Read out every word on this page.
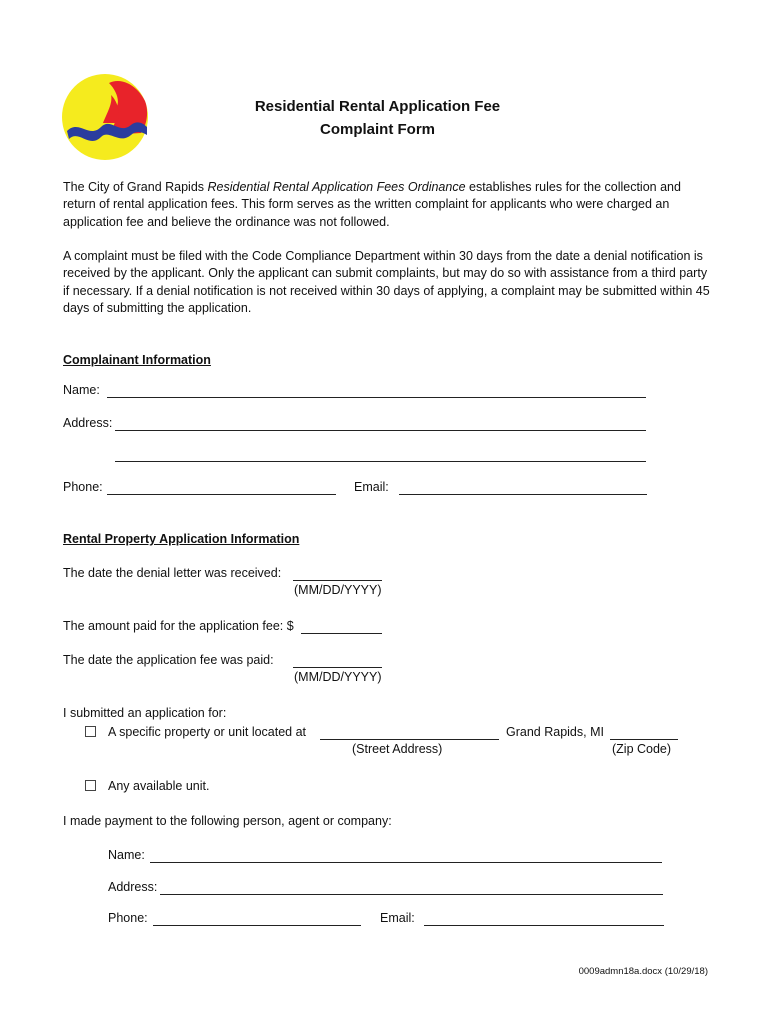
Residential Rental Application Fee
Complaint Form
The City of Grand Rapids Residential Rental Application Fees Ordinance establishes rules for the collection and return of rental application fees. This form serves as the written complaint for applicants who were charged an application fee and believe the ordinance was not followed.
A complaint must be filed with the Code Compliance Department within 30 days from the date a denial notification is received by the applicant. Only the applicant can submit complaints, but may do so with assistance from a third party if necessary. If a denial notification is not received within 30 days of applying, a complaint may be submitted within 45 days of submitting the application.
Complainant Information
Name:
Address:
Phone:	Email:
Rental Property Application Information
The date the denial letter was received:
(MM/DD/YYYY)
The amount paid for the application fee: $
The date the application fee was paid:
(MM/DD/YYYY)
I submitted an application for:
A specific property or unit located at	Grand Rapids, MI
(Street Address)	(Zip Code)
Any available unit.
I made payment to the following person, agent or company:
Name:
Address:
Phone:	Email:
0009admn18a.docx (10/29/18)
